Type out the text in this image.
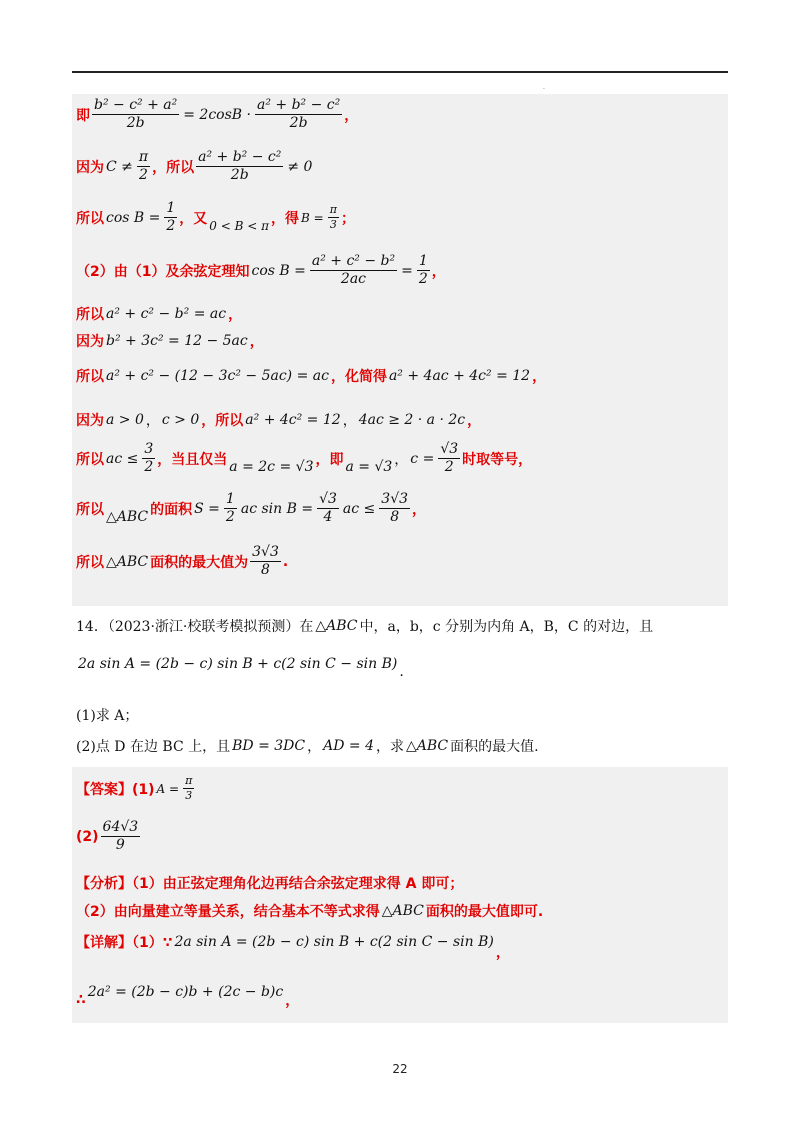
·
即 $\frac{\text{b² − c² + a²}}{2b} = 2\cos B \cdot \frac{\text{a² + b² − c²}}{2b}$ ，
因为 $C \ne \frac{\pi}{2}$ ，所以 $\frac{\text{a² + b² − c²}}{2b} \ne 0$
所以 $\cos B = \frac{1}{2}$ ，又 0 < B < π ，得 $B = \frac{\pi}{3}$ ；
（2）由（1）及余弦定理知 $\cos B = \frac{\text{a² + c² − b²}}{2ac} = \frac{1}{2}$ ，
所以 a² + c² − b² = ac ，
因为 b² + 3c² = 12 − 5ac ，
所以 a² + c² − (12 − 3c² − 5ac) = ac ，化简得 a² + 4ac + 4c² = 12 ，
因为 a > 0 ， c > 0 ，所以 a² + 4c² = 12 ， 4ac ≥ 2 · a · 2c ，
所以 ac ≤ $\frac{3}{2}$ ，当且仅当 a = 2c = √3 ，即 a = √3 ， $c = \frac{√3}{2}$ 时取等号，
所以 △ABC 的面积 $S = \frac{1}{2}$ ac $\sin B = \frac{√3}{4}$ ac ≤ $\frac{3√3}{8}$ ，
所以 △ABC 面积的最大值为 $\frac{3√3}{8}$ .
14．（2023·浙江·校联考模拟预测）在 △ABC 中，a，b，c 分别为内角 A，B，C 的对边，且
2a sin A = (2b − c) sin B + c(2 sin C − sin B) .
(1)求 A；
(2)点 D 在边 BC 上，且 BD = 3DC ， AD = 4 ，求 △ABC 面积的最大值.
【答案】(1) $A = \frac{\pi}{3}$
$(2) \frac{64√3}{9}$
【分析】（1）由正弦定理角化边再结合余弦定理求得 A 即可；
（2）由向量建立等量关系，结合基本不等式求得 △ABC 面积的最大值即可.
【详解】（1）∵ 2a sin A = (2b − c) sin B + c(2 sin C − sin B)
，
∴ 2a² = (2b − c)b + (2c − b)c
，
22
